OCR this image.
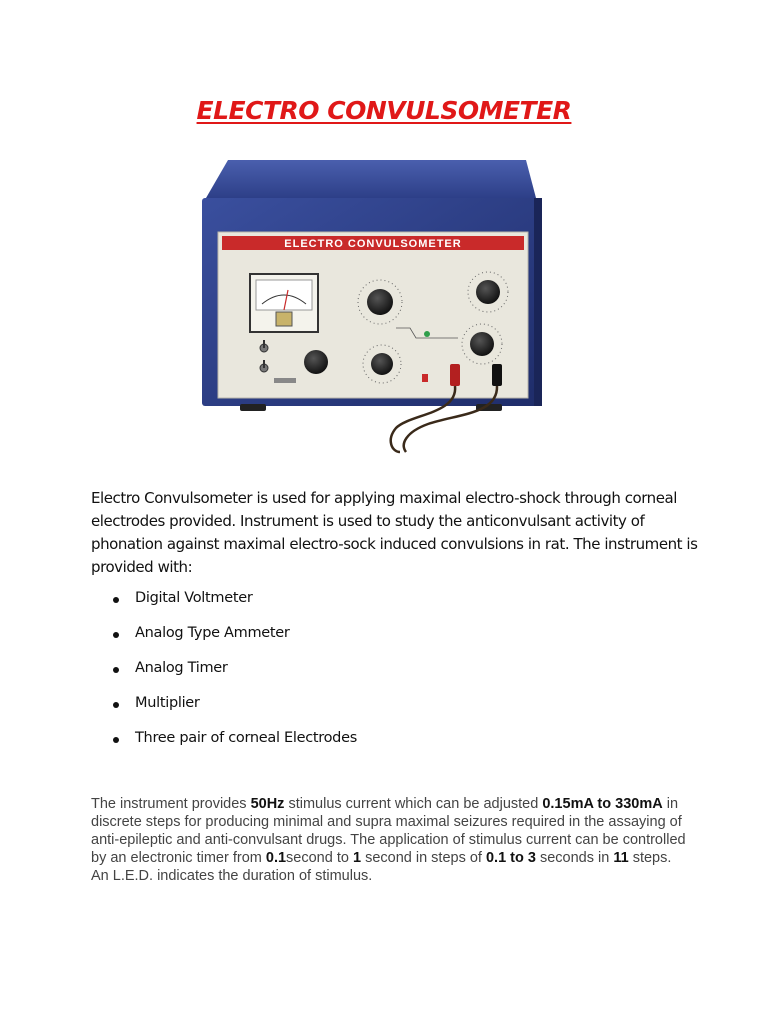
ELECTRO CONVULSOMETER
ELECTRO CONVULSOMETER
Electro Convulsometer is used for applying maximal electro-shock through corneal electrodes provided. Instrument is used to study the anticonvulsant activity of phonation against maximal electro-sock induced convulsions in rat. The instrument is provided with:
Digital Voltmeter
Analog Type Ammeter
Analog Timer
Multiplier
Three pair of corneal Electrodes
The instrument provides 50Hz stimulus current which can be adjusted 0.15mA to 330mA in discrete steps for producing minimal and supra maximal seizures required in the assaying of anti-epileptic and anti-convulsant drugs. The application of stimulus current can be controlled by an electronic timer from 0.1second to 1 second in steps of 0.1 to 3 seconds in 11 steps. An L.E.D. indicates the duration of stimulus.
